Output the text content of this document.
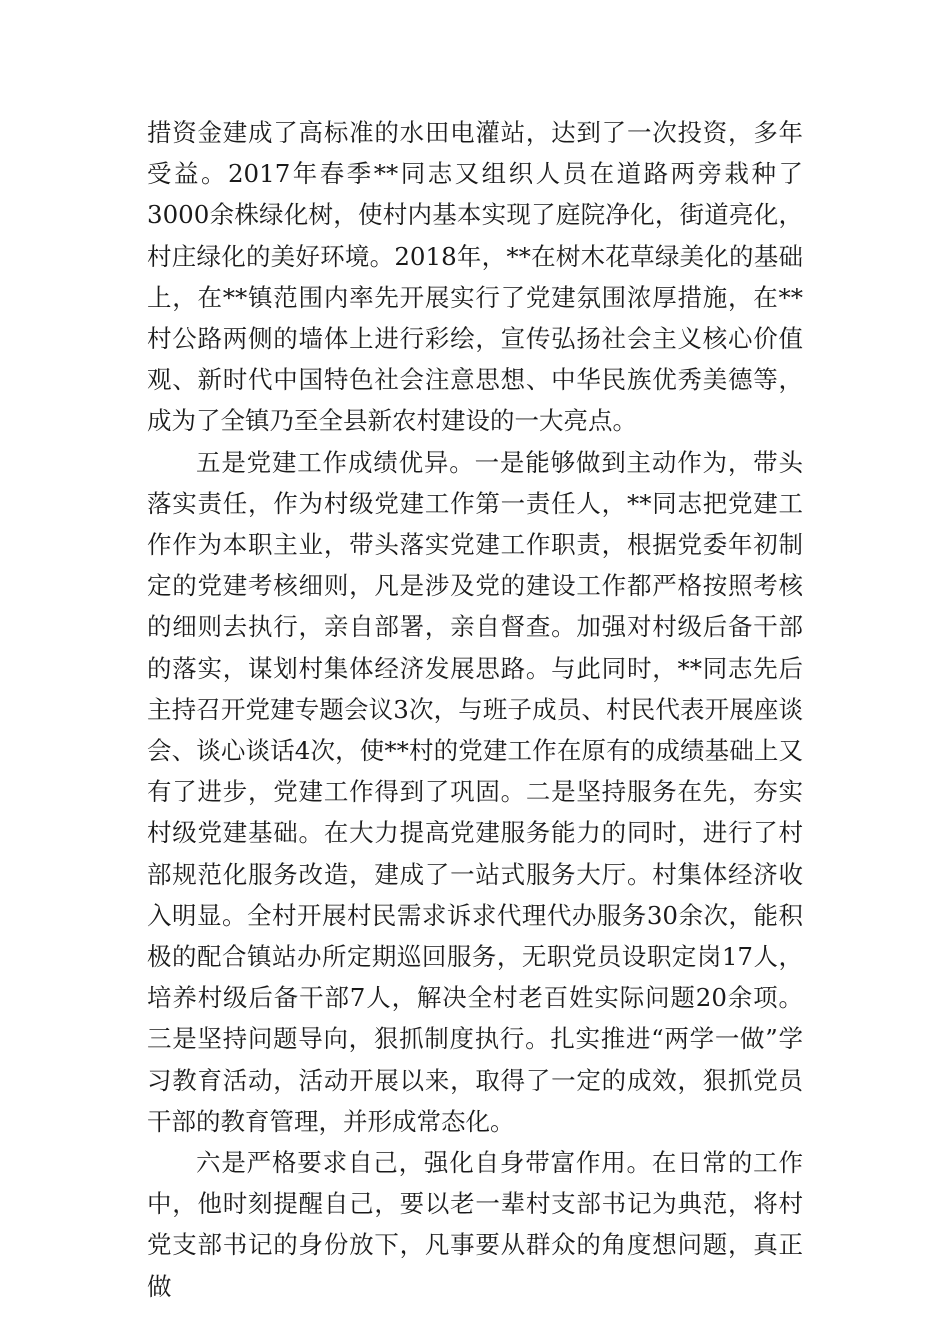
措资金建成了高标准的水田电灌站，达到了一次投资，多年受益。2017年春季**同志又组织人员在道路两旁栽种了3000余株绿化树，使村内基本实现了庭院净化，街道亮化，村庄绿化的美好环境。2018年，**在树木花草绿美化的基础上，在**镇范围内率先开展实行了党建氛围浓厚措施，在**村公路两侧的墙体上进行彩绘，宣传弘扬社会主义核心价值观、新时代中国特色社会注意思想、中华民族优秀美德等，成为了全镇乃至全县新农村建设的一大亮点。

五是党建工作成绩优异。一是能够做到主动作为，带头落实责任，作为村级党建工作第一责任人，**同志把党建工作作为本职主业，带头落实党建工作职责，根据党委年初制定的党建考核细则，凡是涉及党的建设工作都严格按照考核的细则去执行，亲自部署，亲自督查。加强对村级后备干部的落实，谋划村集体经济发展思路。与此同时，**同志先后主持召开党建专题会议3次，与班子成员、村民代表开展座谈会、谈心谈话4次，使**村的党建工作在原有的成绩基础上又有了进步，党建工作得到了巩固。二是坚持服务在先，夯实村级党建基础。在大力提高党建服务能力的同时，进行了村部规范化服务改造，建成了一站式服务大厅。村集体经济收入明显。全村开展村民需求诉求代理代办服务30余次，能积极的配合镇站办所定期巡回服务，无职党员设职定岗17人，培养村级后备干部7人，解决全村老百姓实际问题20余项。三是坚持问题导向，狠抓制度执行。扎实推进“两学一做”学习教育活动，活动开展以来，取得了一定的成效，狠抓党员干部的教育管理，并形成常态化。

六是严格要求自己，强化自身带富作用。在日常的工作中，他时刻提醒自己，要以老一辈村支部书记为典范，将村党支部书记的身份放下，凡事要从群众的角度想问题，真正做
